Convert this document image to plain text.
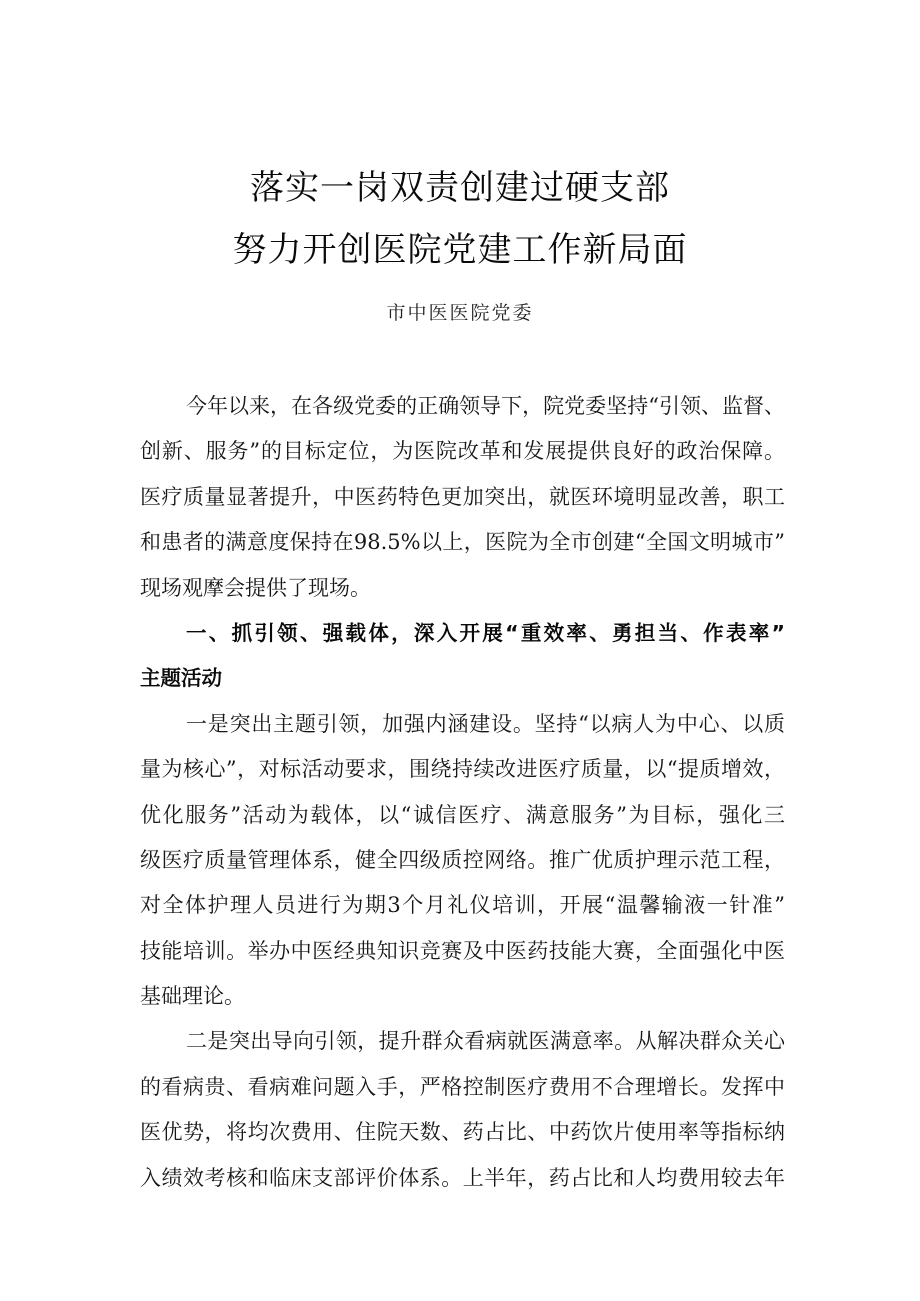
落实一岗双责创建过硬支部
努力开创医院党建工作新局面
市中医医院党委
今年以来，在各级党委的正确领导下，院党委坚持“引领、监督、
创新、服务”的目标定位，为医院改革和发展提供良好的政治保障。
医疗质量显著提升，中医药特色更加突出，就医环境明显改善，职工
和患者的满意度保持在98.5%以上，医院为全市创建“全国文明城市”
现场观摩会提供了现场。
一、抓引领、强载体，深入开展“重效率、勇担当、作表率”
主题活动
一是突出主题引领，加强内涵建设。坚持“以病人为中心、以质
量为核心”，对标活动要求，围绕持续改进医疗质量，以“提质增效，
优化服务”活动为载体，以“诚信医疗、满意服务”为目标，强化三
级医疗质量管理体系，健全四级质控网络。推广优质护理示范工程，
对全体护理人员进行为期3个月礼仪培训，开展“温馨输液一针准”
技能培训。举办中医经典知识竞赛及中医药技能大赛，全面强化中医
基础理论。
二是突出导向引领，提升群众看病就医满意率。从解决群众关心
的看病贵、看病难问题入手，严格控制医疗费用不合理增长。发挥中
医优势，将均次费用、住院天数、药占比、中药饮片使用率等指标纳
入绩效考核和临床支部评价体系。上半年，药占比和人均费用较去年
